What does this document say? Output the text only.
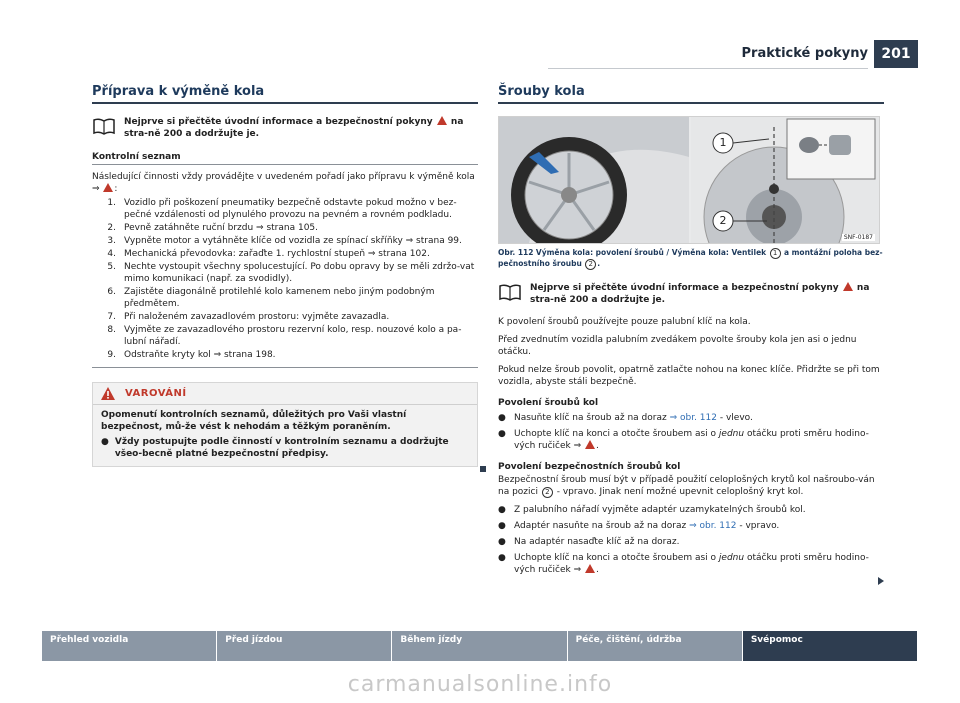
Praktické pokyny 201
Příprava k výměně kola
Nejprve si přečtěte úvodní informace a bezpečnostní pokyny na stra-ně 200 a dodržujte je.
Kontrolní seznam

Následující činnosti vždy provádějte v uvedeném pořadí jako přípravu k výměně kola ⇒ :

1. Vozidlo při poškození pneumatiky bezpečně odstavte pokud možno v bez-pečné vzdálenosti od plynulého provozu na pevném a rovném podkladu.
2. Pevně zatáhněte ruční brzdu ⇒ strana 105.
3. Vypněte motor a vytáhněte klíče od vozidla ze spínací skříňky ⇒ strana 99.
4. Mechanická převodovka: zařaďte 1. rychlostní stupeň ⇒ strana 102.
5. Nechte vystoupit všechny spolucestující. Po dobu opravy by se měli zdržo-vat mimo komunikaci (např. za svodidly).
6. Zajistěte diagonálně protilehlé kolo kamenem nebo jiným podobným předmětem.
7. Při naloženém zavazadlovém prostoru: vyjměte zavazadla.
8. Vyjměte ze zavazadlového prostoru rezervní kolo, resp. nouzové kolo a pa-lubní nářadí.
9. Odstraňte kryty kol ⇒ strana 198.
VAROVÁNÍ
Opomenutí kontrolních seznamů, důležitých pro Vaši vlastní bezpečnost, mů-že vést k nehodám a těžkým poraněním.
● Vždy postupujte podle činností v kontrolním seznamu a dodržujte všeo-becně platné bezpečnostní předpisy.
Šrouby kola
1
2
SNF-0187
Obr. 112 Výměna kola: povolení šroubů / Výměna kola: Ventilek 1 a montážní poloha bez-pečnostního šroubu 2 .
Nejprve si přečtěte úvodní informace a bezpečnostní pokyny na stra-ně 200 a dodržujte je.

K povolení šroubů používejte pouze palubní klíč na kola.

Před zvednutím vozidla palubním zvedákem povolte šrouby kola jen asi o jednu otáčku.

Pokud nelze šroub povolit, opatrně zatlačte nohou na konec klíče. Přidržte se při tom vozidla, abyste stáli bezpečně.

Povolení šroubů kol
● Nasuňte klíč na šroub až na doraz ⇒ obr. 112 - vlevo.
● Uchopte klíč na konci a otočte šroubem asi o jednu otáčku proti směru hodino-vých ručiček ⇒ .
Povolení bezpečnostních šroubů kol

Bezpečnostní šroub musí být v případě použití celoplošných krytů kol našroubo-ván na pozici 2 - vpravo. Jinak není možné upevnit celoplošný kryt kol.

● Z palubního nářadí vyjměte adaptér uzamykatelných šroubů kol.
● Adaptér nasuňte na šroub až na doraz ⇒ obr. 112 - vpravo.
● Na adaptér nasaďte klíč až na doraz.
● Uchopte klíč na konci a otočte šroubem asi o jednu otáčku proti směru hodino-vých ručiček ⇒ .
Přehled vozidla	Před jízdou	Během jízdy	Péče, čištění, údržba	Svépomoc
carmanualsonline.info
